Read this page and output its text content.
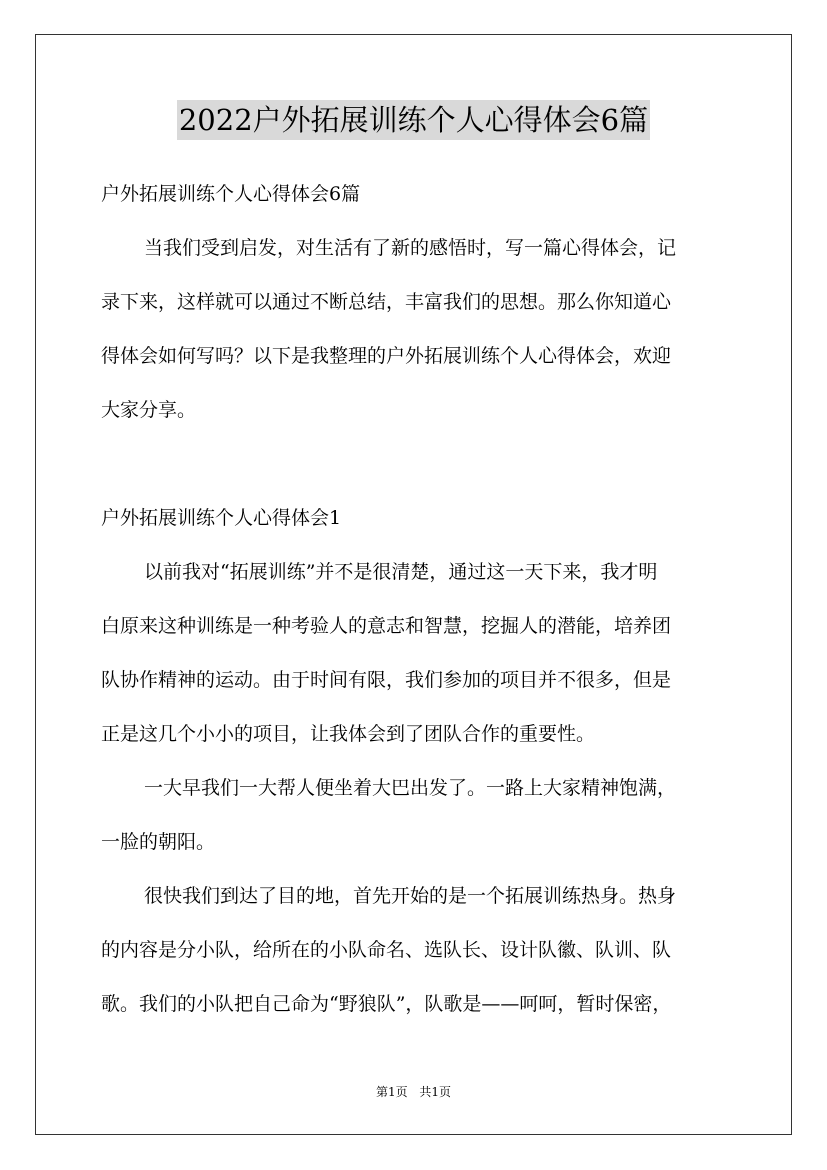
2022户外拓展训练个人心得体会6篇
户外拓展训练个人心得体会6篇
当我们受到启发，对生活有了新的感悟时，写一篇心得体会，记
录下来，这样就可以通过不断总结，丰富我们的思想。那么你知道心
得体会如何写吗？以下是我整理的户外拓展训练个人心得体会，欢迎
大家分享。
户外拓展训练个人心得体会1
以前我对“拓展训练”并不是很清楚，通过这一天下来，我才明
白原来这种训练是一种考验人的意志和智慧，挖掘人的潜能，培养团
队协作精神的运动。由于时间有限，我们参加的项目并不很多，但是
正是这几个小小的项目，让我体会到了团队合作的重要性。
一大早我们一大帮人便坐着大巴出发了。一路上大家精神饱满，
一脸的朝阳。
很快我们到达了目的地，首先开始的是一个拓展训练热身。热身
的内容是分小队，给所在的小队命名、选队长、设计队徽、队训、队
歌。我们的小队把自己命为“野狼队”，队歌是——呵呵，暂时保密，
第1页 共1页
